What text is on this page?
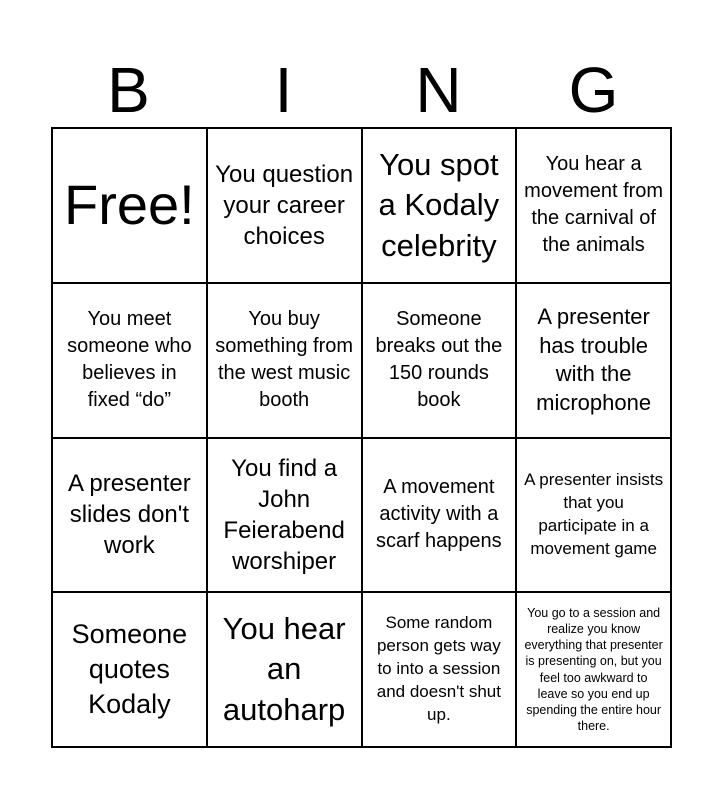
B	I	N	G
Free! You question your career choices
You spot a Kodaly celebrity
You hear a movement from the carnival of the animals
You meet someone who believes in fixed “do”
You buy something from the west music booth
Someone breaks out the 150 rounds book
A presenter has trouble with the microphone
A presenter slides don't work
You find a John Feierabend worshiper
A movement activity with a scarf happens
A presenter insists that you participate in a movement game
Someone quotes Kodaly
You hear an autoharp
Some random person gets way to into a session and doesn't shut up.
You go to a session and realize you know everything that presenter is presenting on, but you feel too awkward to leave so you end up spending the entire hour there.
